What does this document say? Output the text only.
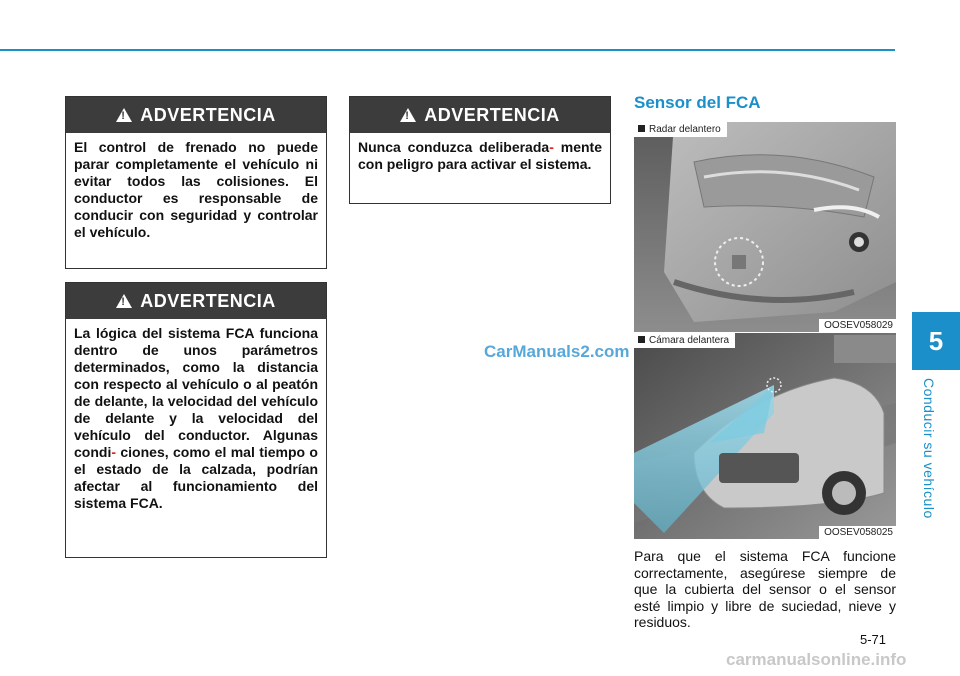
!
ADVERTENCIA
El control de frenado no puede parar completamente el vehículo ni evitar todos las colisiones. El conductor es responsable de conducir con seguridad y controlar el vehículo.
!
ADVERTENCIA
La lógica del sistema FCA funciona dentro de unos parámetros determinados, como la distancia con respecto al vehículo o al peatón de delante, la velocidad del vehículo de delante y la velocidad del vehículo del conductor. Algunas condi- ciones, como el mal tiempo o el estado de la calzada, podrían afectar al funcionamiento del sistema FCA.
!
ADVERTENCIA
Nunca conduzca deliberada- mente con peligro para activar el sistema.
CarManuals2.com
Sensor del FCA
Radar delantero
OOSEV058029
Cámara delantera
OOSEV058025
Para que el sistema FCA funcione correctamente, asegúrese siempre de que la cubierta del sensor o el sensor esté limpio y libre de suciedad, nieve y residuos.
5-71
5
Conducir su vehículo
carmanualsonline.info
